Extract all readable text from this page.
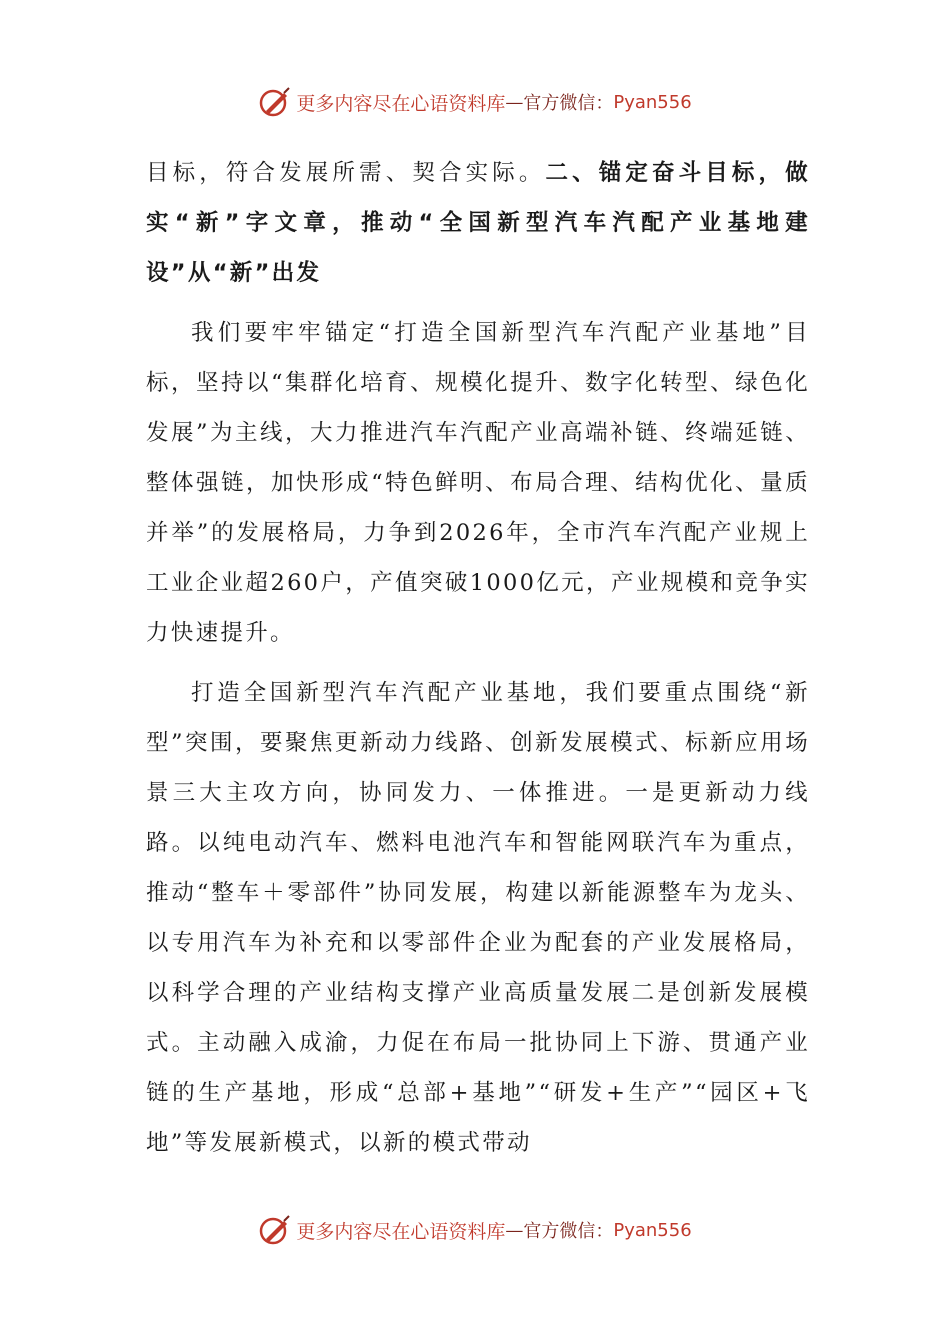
更多内容尽在心语资料库 — 官方微信： Pyan556

目标，符合发展所需、契合实际。二、锚定奋斗目标，做实“新”字文章，推动“全国新型汽车汽配产业基地建设”从“新”出发

我们要牢牢锚定“打造全国新型汽车汽配产业基地”目标，坚持以“集群化培育、规模化提升、数字化转型、绿色化发展”为主线，大力推进汽车汽配产业高端补链、终端延链、整体强链，加快形成“特色鲜明、布局合理、结构优化、量质并举”的发展格局，力争到2026年，全市汽车汽配产业规上工业企业超260户，产值突破1000亿元，产业规模和竞争实力快速提升。

打造全国新型汽车汽配产业基地，我们要重点围绕“新型”突围，要聚焦更新动力线路、创新发展模式、标新应用场景三大主攻方向，协同发力、一体推进。一是更新动力线路。以纯电动汽车、燃料电池汽车和智能网联汽车为重点，推动“整车＋零部件”协同发展，构建以新能源整车为龙头、以专用汽车为补充和以零部件企业为配套的产业发展格局，以科学合理的产业结构支撑产业高质量发展二是创新发展模式。主动融入成渝，力促在布局一批协同上下游、贯通产业链的生产基地，形成“总部+基地”“研发+生产”“园区+飞地”等发展新模式，以新的模式带动

更多内容尽在心语资料库 — 官方微信： Pyan556
